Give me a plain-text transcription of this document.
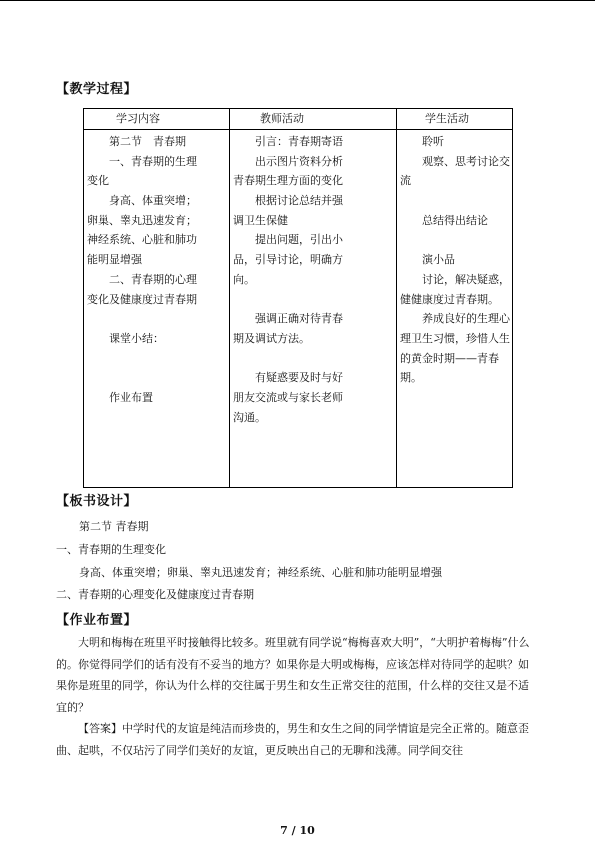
【教学过程】
学习内容	教师活动	学生活动
　　第二节　青春期
　　一、青春期的生理
变化
　　身高、体重突增；
卵巢、睾丸迅速发育；
神经系统、心脏和肺功
能明显增强
　　二、青春期的心理
变化及健康度过青春期
　　课堂小结：
　　作业布置
　　引言：青春期寄语
　　出示图片资料分析
青春期生理方面的变化
　　根据讨论总结并强
调卫生保健
　　提出问题，引出小
品，引导讨论，明确方
向。
　　强调正确对待青春
期及调试方法。
　　有疑惑要及时与好
朋友交流或与家长老师
沟通。
　　聆听
　　观察、思考讨论交
流
　　总结得出结论
　　演小品
　　讨论，解决疑惑，
健健康度过青春期。
　　养成良好的生理心
理卫生习惯，珍惜人生
的黄金时期——青春
期。
【板书设计】
第二节 青春期
一、青春期的生理变化
身高、体重突增；卵巢、睾丸迅速发育；神经系统、心脏和肺功能明显增强
二、青春期的心理变化及健康度过青春期
【作业布置】

大明和梅梅在班里平时接触得比较多。班里就有同学说“梅梅喜欢大明”，“大明护着梅梅”什么的。你觉得同学们的话有没有不妥当的地方？如果你是大明或梅梅，应该怎样对待同学的起哄？如果你是班里的同学，你认为什么样的交往属于男生和女生正常交往的范围，什么样的交往又是不适宜的？

【答案】中学时代的友谊是纯洁而珍贵的，男生和女生之间的同学情谊是完全正常的。随意歪曲、起哄，不仅玷污了同学们美好的友谊，更反映出自己的无聊和浅薄。同学间交往

7 / 10
